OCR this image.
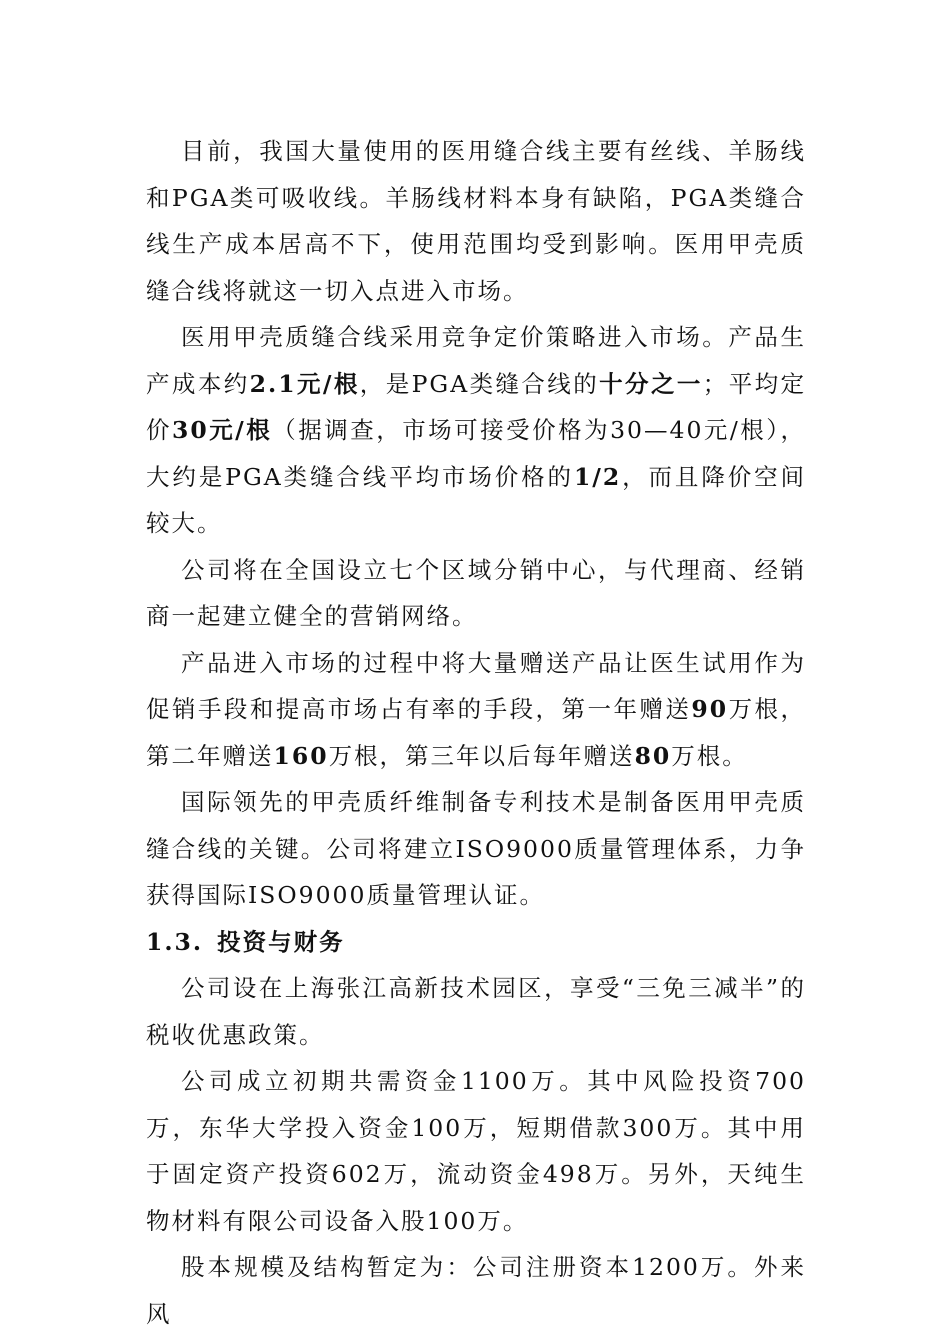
目前，我国大量使用的医用缝合线主要有丝线、羊肠线和PGA类可吸收线。羊肠线材料本身有缺陷，PGA类缝合线生产成本居高不下，使用范围均受到影响。医用甲壳质缝合线将就这一切入点进入市场。

医用甲壳质缝合线采用竞争定价策略进入市场。产品生产成本约2.1元/根，是PGA类缝合线的十分之一；平均定价30元/根（据调查，市场可接受价格为30—40元/根），大约是PGA类缝合线平均市场价格的1/2，而且降价空间较大。

公司将在全国设立七个区域分销中心，与代理商、经销商一起建立健全的营销网络。

产品进入市场的过程中将大量赠送产品让医生试用作为促销手段和提高市场占有率的手段，第一年赠送90万根，第二年赠送160万根，第三年以后每年赠送80万根。

国际领先的甲壳质纤维制备专利技术是制备医用甲壳质缝合线的关键。公司将建立ISO9000质量管理体系，力争获得国际ISO9000质量管理认证。

1.3. 投资与财务

公司设在上海张江高新技术园区，享受“三免三减半”的税收优惠政策。

公司成立初期共需资金1100万。其中风险投资700万，东华大学投入资金100万，短期借款300万。其中用于固定资产投资602万，流动资金498万。另外，天纯生物材料有限公司设备入股100万。

股本规模及结构暂定为：公司注册资本1200万。外来风
